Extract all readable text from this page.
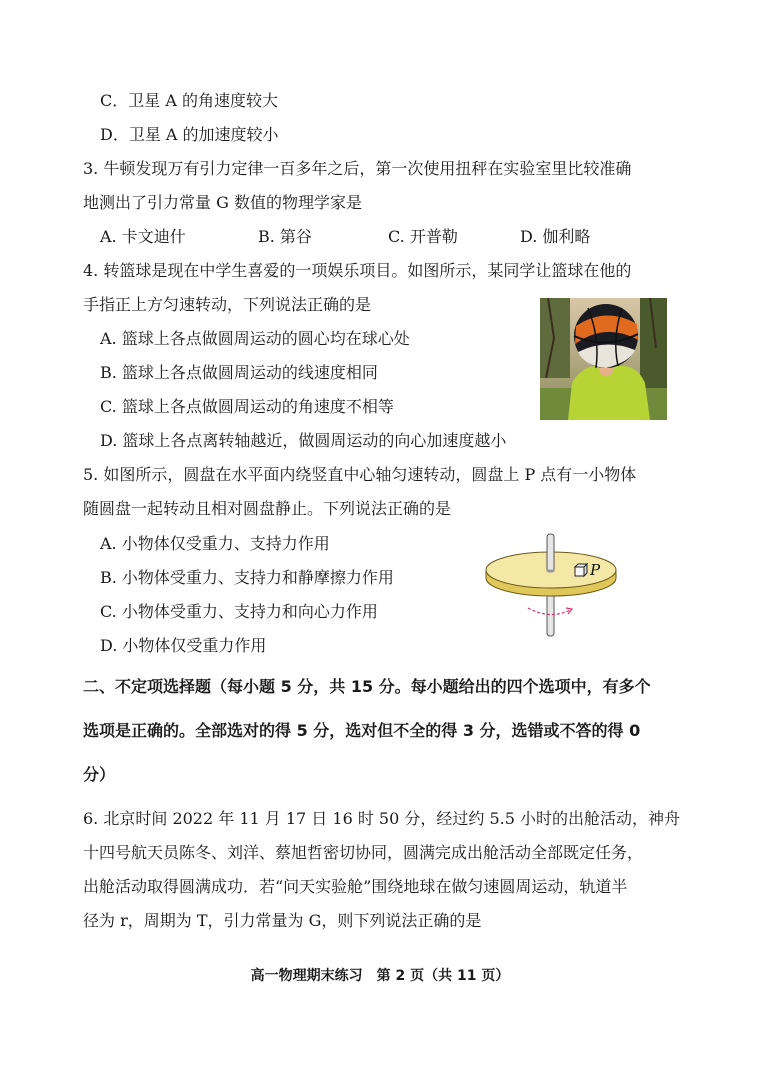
C．卫星 A 的角速度较大
D．卫星 A 的加速度较小
3. 牛顿发现万有引力定律一百多年之后，第一次使用扭秤在实验室里比较准确
地测出了引力常量 G 数值的物理学家是
A. 卡文迪什	B. 第谷	C. 开普勒	D. 伽利略
4. 转篮球是现在中学生喜爱的一项娱乐项目。如图所示，某同学让篮球在他的
手指正上方匀速转动，下列说法正确的是
A. 篮球上各点做圆周运动的圆心均在球心处
B. 篮球上各点做圆周运动的线速度相同
C. 篮球上各点做圆周运动的角速度不相等
D. 篮球上各点离转轴越近，做圆周运动的向心加速度越小
5. 如图所示，圆盘在水平面内绕竖直中心轴匀速转动，圆盘上 P 点有一小物体
随圆盘一起转动且相对圆盘静止。下列说法正确的是
A. 小物体仅受重力、支持力作用
B. 小物体受重力、支持力和静摩擦力作用
C. 小物体受重力、支持力和向心力作用
D. 小物体仅受重力作用
P
二、不定项选择题（每小题 5 分，共 15 分。每小题给出的四个选项中，有多个
选项是正确的。全部选对的得 5 分，选对但不全的得 3 分，选错或不答的得 0
分）
6. 北京时间 2022 年 11 月 17 日 16 时 50 分，经过约 5.5 小时的出舱活动，神舟
十四号航天员陈冬、刘洋、蔡旭哲密切协同，圆满完成出舱活动全部既定任务，
出舱活动取得圆满成功．若“问天实验舱”围绕地球在做匀速圆周运动，轨道半
径为 r，周期为 T，引力常量为 G，则下列说法正确的是
高一物理期末练习　第 2 页（共 11 页）
